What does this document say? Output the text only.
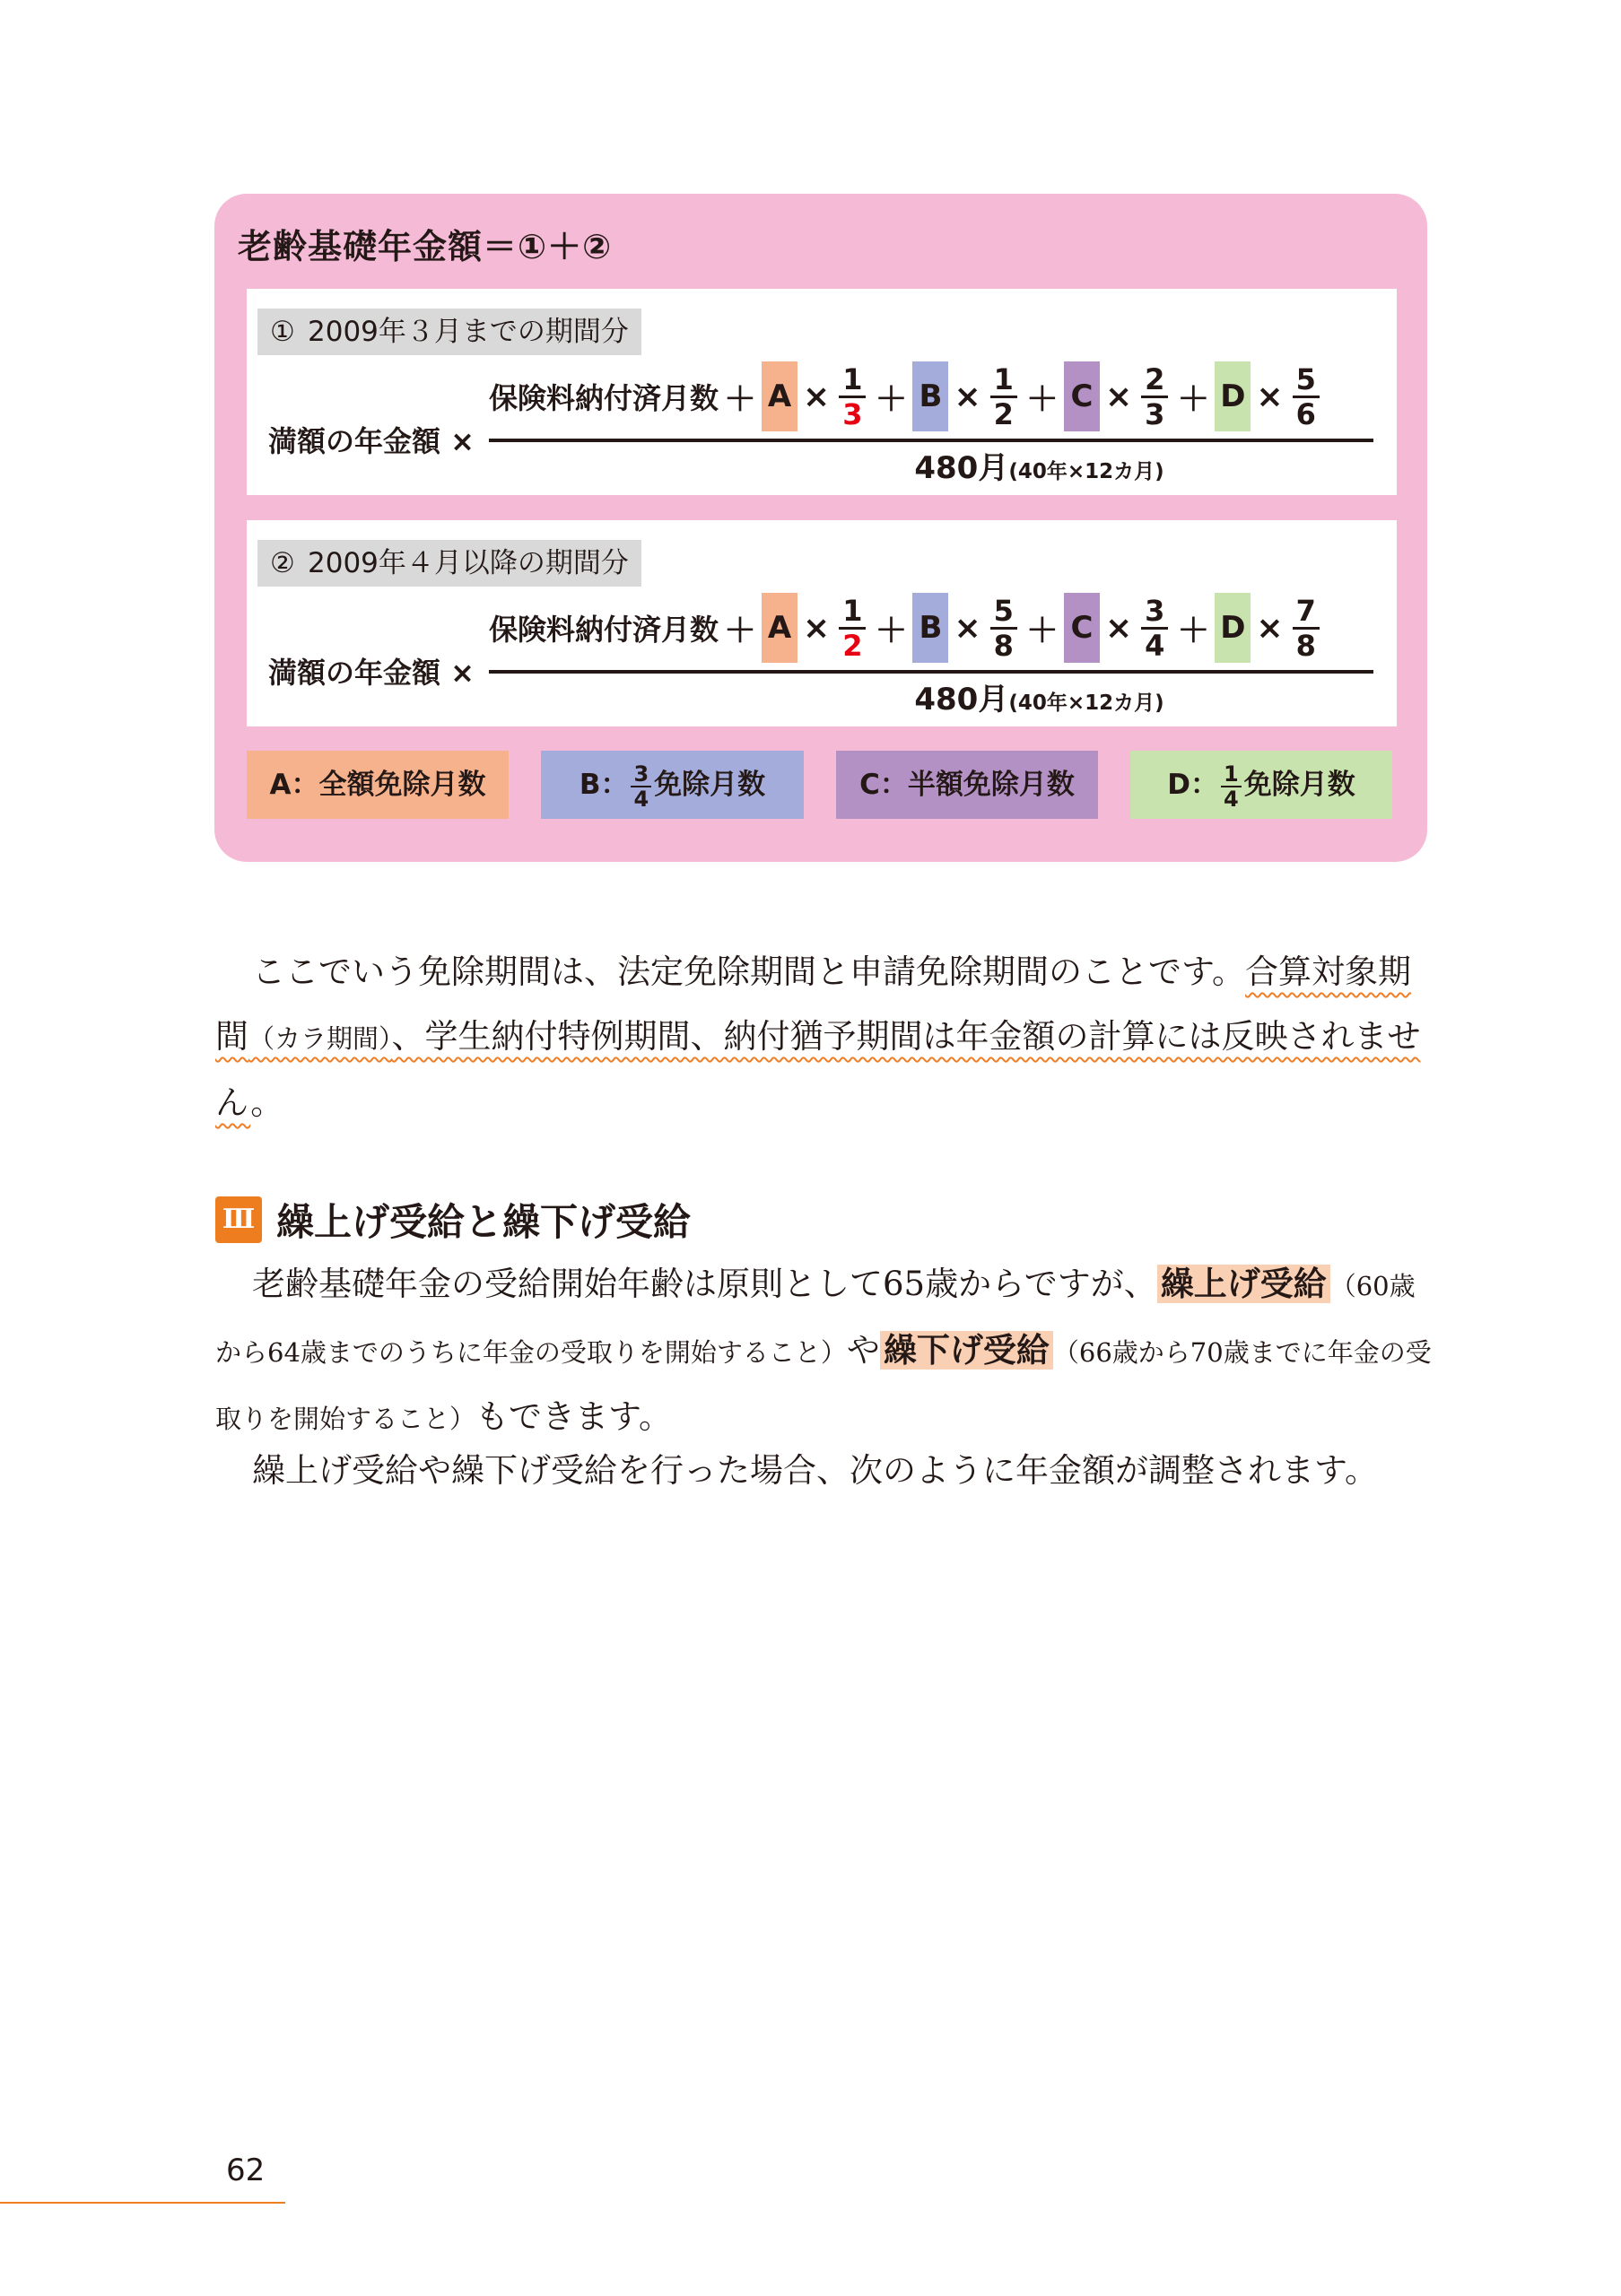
老齢基礎年金額＝①＋②
① 2009年３月までの期間分
保険料納付済月数 ＋ $A \times \frac{1}{3} + B \times \frac{1}{2} + C \times \frac{2}{3} + D \times \frac{5}{6}$
満額の年金額 ×
480月(40年×12カ月)
② 2009年４月以降の期間分
保険料納付済月数 ＋ $A \times \frac{1}{2} + B \times \frac{5}{8} + C \times \frac{3}{4} + D \times \frac{7}{8}$
満額の年金額 ×
480月(40年×12カ月)
A：全額免除月数	B： $\frac{3}{4}$ 免除月数	C：半額免除月数	D： $\frac{1}{4}$ 免除月数
ここでいう免除期間は、法定免除期間と申請免除期間のことです。合算対象期間（カラ期間）、学生納付特例期間、納付猶予期間は年金額の計算には反映されません。
Ⅲ 繰上げ受給と繰下げ受給
老齢基礎年金の受給開始年齢は原則として65歳からですが、 繰上げ受給 （60歳から64歳までのうちに年金の受取りを開始すること）や 繰下げ受給 （66歳から70歳までに年金の受取りを開始すること）もできます。
繰上げ受給や繰下げ受給を行った場合、次のように年金額が調整されます。
62
